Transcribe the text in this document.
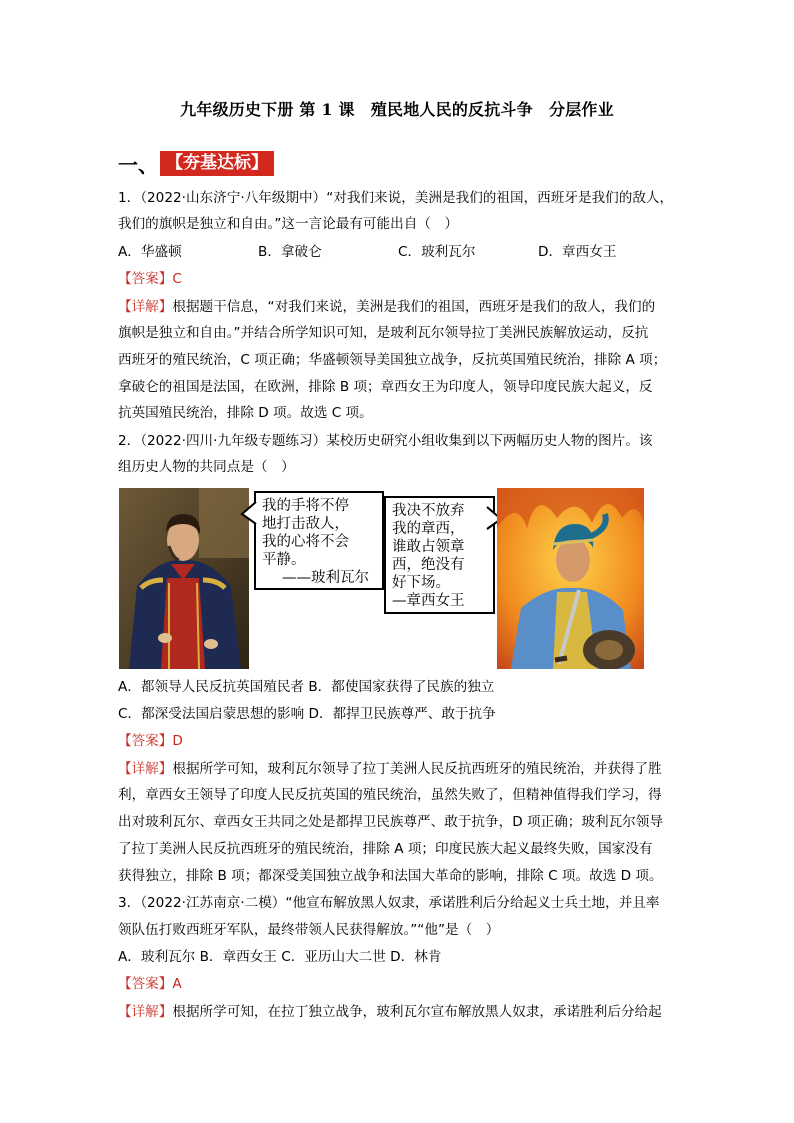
九年级历史下册 第 1 课　殖民地人民的反抗斗争　分层作业
一、 【夯基达标】
1．（2022·山东济宁·八年级期中）“对我们来说，美洲是我们的祖国，西班牙是我们的敌人，
我们的旗帜是独立和自由。”这一言论最有可能出自（　）
A．华盛顿	B．拿破仑	C．玻利瓦尔	D．章西女王
【答案】C
【详解】根据题干信息，“对我们来说，美洲是我们的祖国，西班牙是我们的敌人，我们的
旗帜是独立和自由。”并结合所学知识可知，是玻利瓦尔领导拉丁美洲民族解放运动，反抗
西班牙的殖民统治，C 项正确；华盛顿领导美国独立战争，反抗英国殖民统治，排除 A 项；
拿破仑的祖国是法国，在欧洲，排除 B 项；章西女王为印度人，领导印度民族大起义，反
抗英国殖民统治，排除 D 项。故选 C 项。
2．（2022·四川·九年级专题练习）某校历史研究小组收集到以下两幅历史人物的图片。该
组历史人物的共同点是（　）
我的手将不停
地打击敌人，
我的心将不会
平静。
——玻利瓦尔
我决不放弃
我的章西，
谁敢占领章
西，绝没有
好下场。
—章西女王
A．都领导人民反抗英国殖民者 B．都使国家获得了民族的独立
C．都深受法国启蒙思想的影响 D．都捍卫民族尊严、敢于抗争
【答案】D
【详解】根据所学可知，玻利瓦尔领导了拉丁美洲人民反抗西班牙的殖民统治，并获得了胜
利，章西女王领导了印度人民反抗英国的殖民统治，虽然失败了，但精神值得我们学习，得
出对玻利瓦尔、章西女王共同之处是都捍卫民族尊严、敢于抗争，D 项正确；玻利瓦尔领导
了拉丁美洲人民反抗西班牙的殖民统治，排除 A 项；印度民族大起义最终失败，国家没有
获得独立，排除 B 项；都深受美国独立战争和法国大革命的影响，排除 C 项。故选 D 项。
3．（2022·江苏南京·二模）“他宣布解放黑人奴隶，承诺胜利后分给起义士兵土地，并且率
领队伍打败西班牙军队，最终带领人民获得解放。”“他”是（　）
A．玻利瓦尔 B．章西女王 C．亚历山大二世 D．林肯
【答案】A
【详解】根据所学可知，在拉丁独立战争，玻利瓦尔宣布解放黑人奴隶，承诺胜利后分给起
